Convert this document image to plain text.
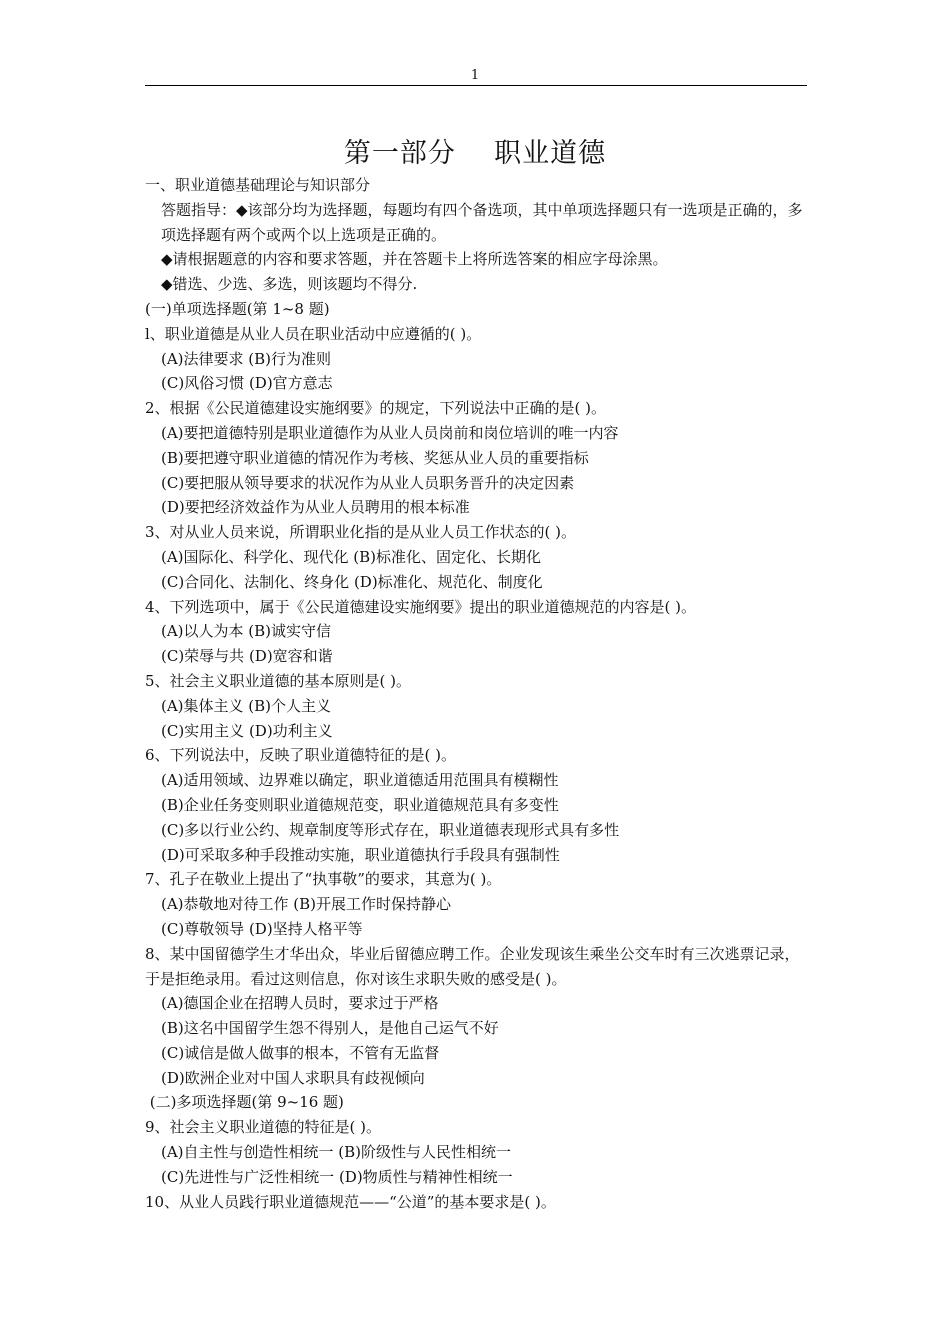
1
第一部分    职业道德
一、职业道德基础理论与知识部分
答题指导：◆该部分均为选择题，每题均有四个备选项，其中单项选择题只有一选项是正确的，多项选择题有两个或两个以上选项是正确的。
◆请根据题意的内容和要求答题，并在答题卡上将所选答案的相应字母涂黑。
◆错选、少选、多选，则该题均不得分.
(一)单项选择题(第 1~8 题)
l、职业道德是从业人员在职业活动中应遵循的( )。
(A)法律要求 (B)行为准则
(C)风俗习惯 (D)官方意志
2、根据《公民道德建设实施纲要》的规定，下列说法中正确的是( )。
(A)要把道德特别是职业道德作为从业人员岗前和岗位培训的唯一内容
(B)要把遵守职业道德的情况作为考核、奖惩从业人员的重要指标
(C)要把服从领导要求的状况作为从业人员职务晋升的决定因素
(D)要把经济效益作为从业人员聘用的根本标准
3、对从业人员来说，所谓职业化指的是从业人员工作状态的( )。
(A)国际化、科学化、现代化 (B)标准化、固定化、长期化
(C)合同化、法制化、终身化 (D)标准化、规范化、制度化
4、下列选项中，属于《公民道德建设实施纲要》提出的职业道德规范的内容是( )。
(A)以人为本 (B)诚实守信
(C)荣辱与共 (D)宽容和谐
5、社会主义职业道德的基本原则是( )。
(A)集体主义 (B)个人主义
(C)实用主义 (D)功利主义
6、下列说法中，反映了职业道德特征的是( )。
(A)适用领域、边界难以确定，职业道德适用范围具有模糊性
(B)企业任务变则职业道德规范变，职业道德规范具有多变性
(C)多以行业公约、规章制度等形式存在，职业道德表现形式具有多性
(D)可采取多种手段推动实施，职业道德执行手段具有强制性
7、孔子在敬业上提出了“执事敬”的要求，其意为( )。
(A)恭敬地对待工作 (B)开展工作时保持静心
(C)尊敬领导 (D)坚持人格平等
8、某中国留德学生才华出众，毕业后留德应聘工作。企业发现该生乘坐公交车时有三次逃票记录，于是拒绝录用。看过这则信息，你对该生求职失败的感受是( )。
(A)德国企业在招聘人员时，要求过于严格
(B)这名中国留学生怨不得别人，是他自己运气不好
(C)诚信是做人做事的根本，不管有无监督
(D)欧洲企业对中国人求职具有歧视倾向
(二)多项选择题(第 9~16 题)
9、社会主义职业道德的特征是( )。
(A)自主性与创造性相统一 (B)阶级性与人民性相统一
(C)先进性与广泛性相统一 (D)物质性与精神性相统一
10、从业人员践行职业道德规范——“公道”的基本要求是( )。
